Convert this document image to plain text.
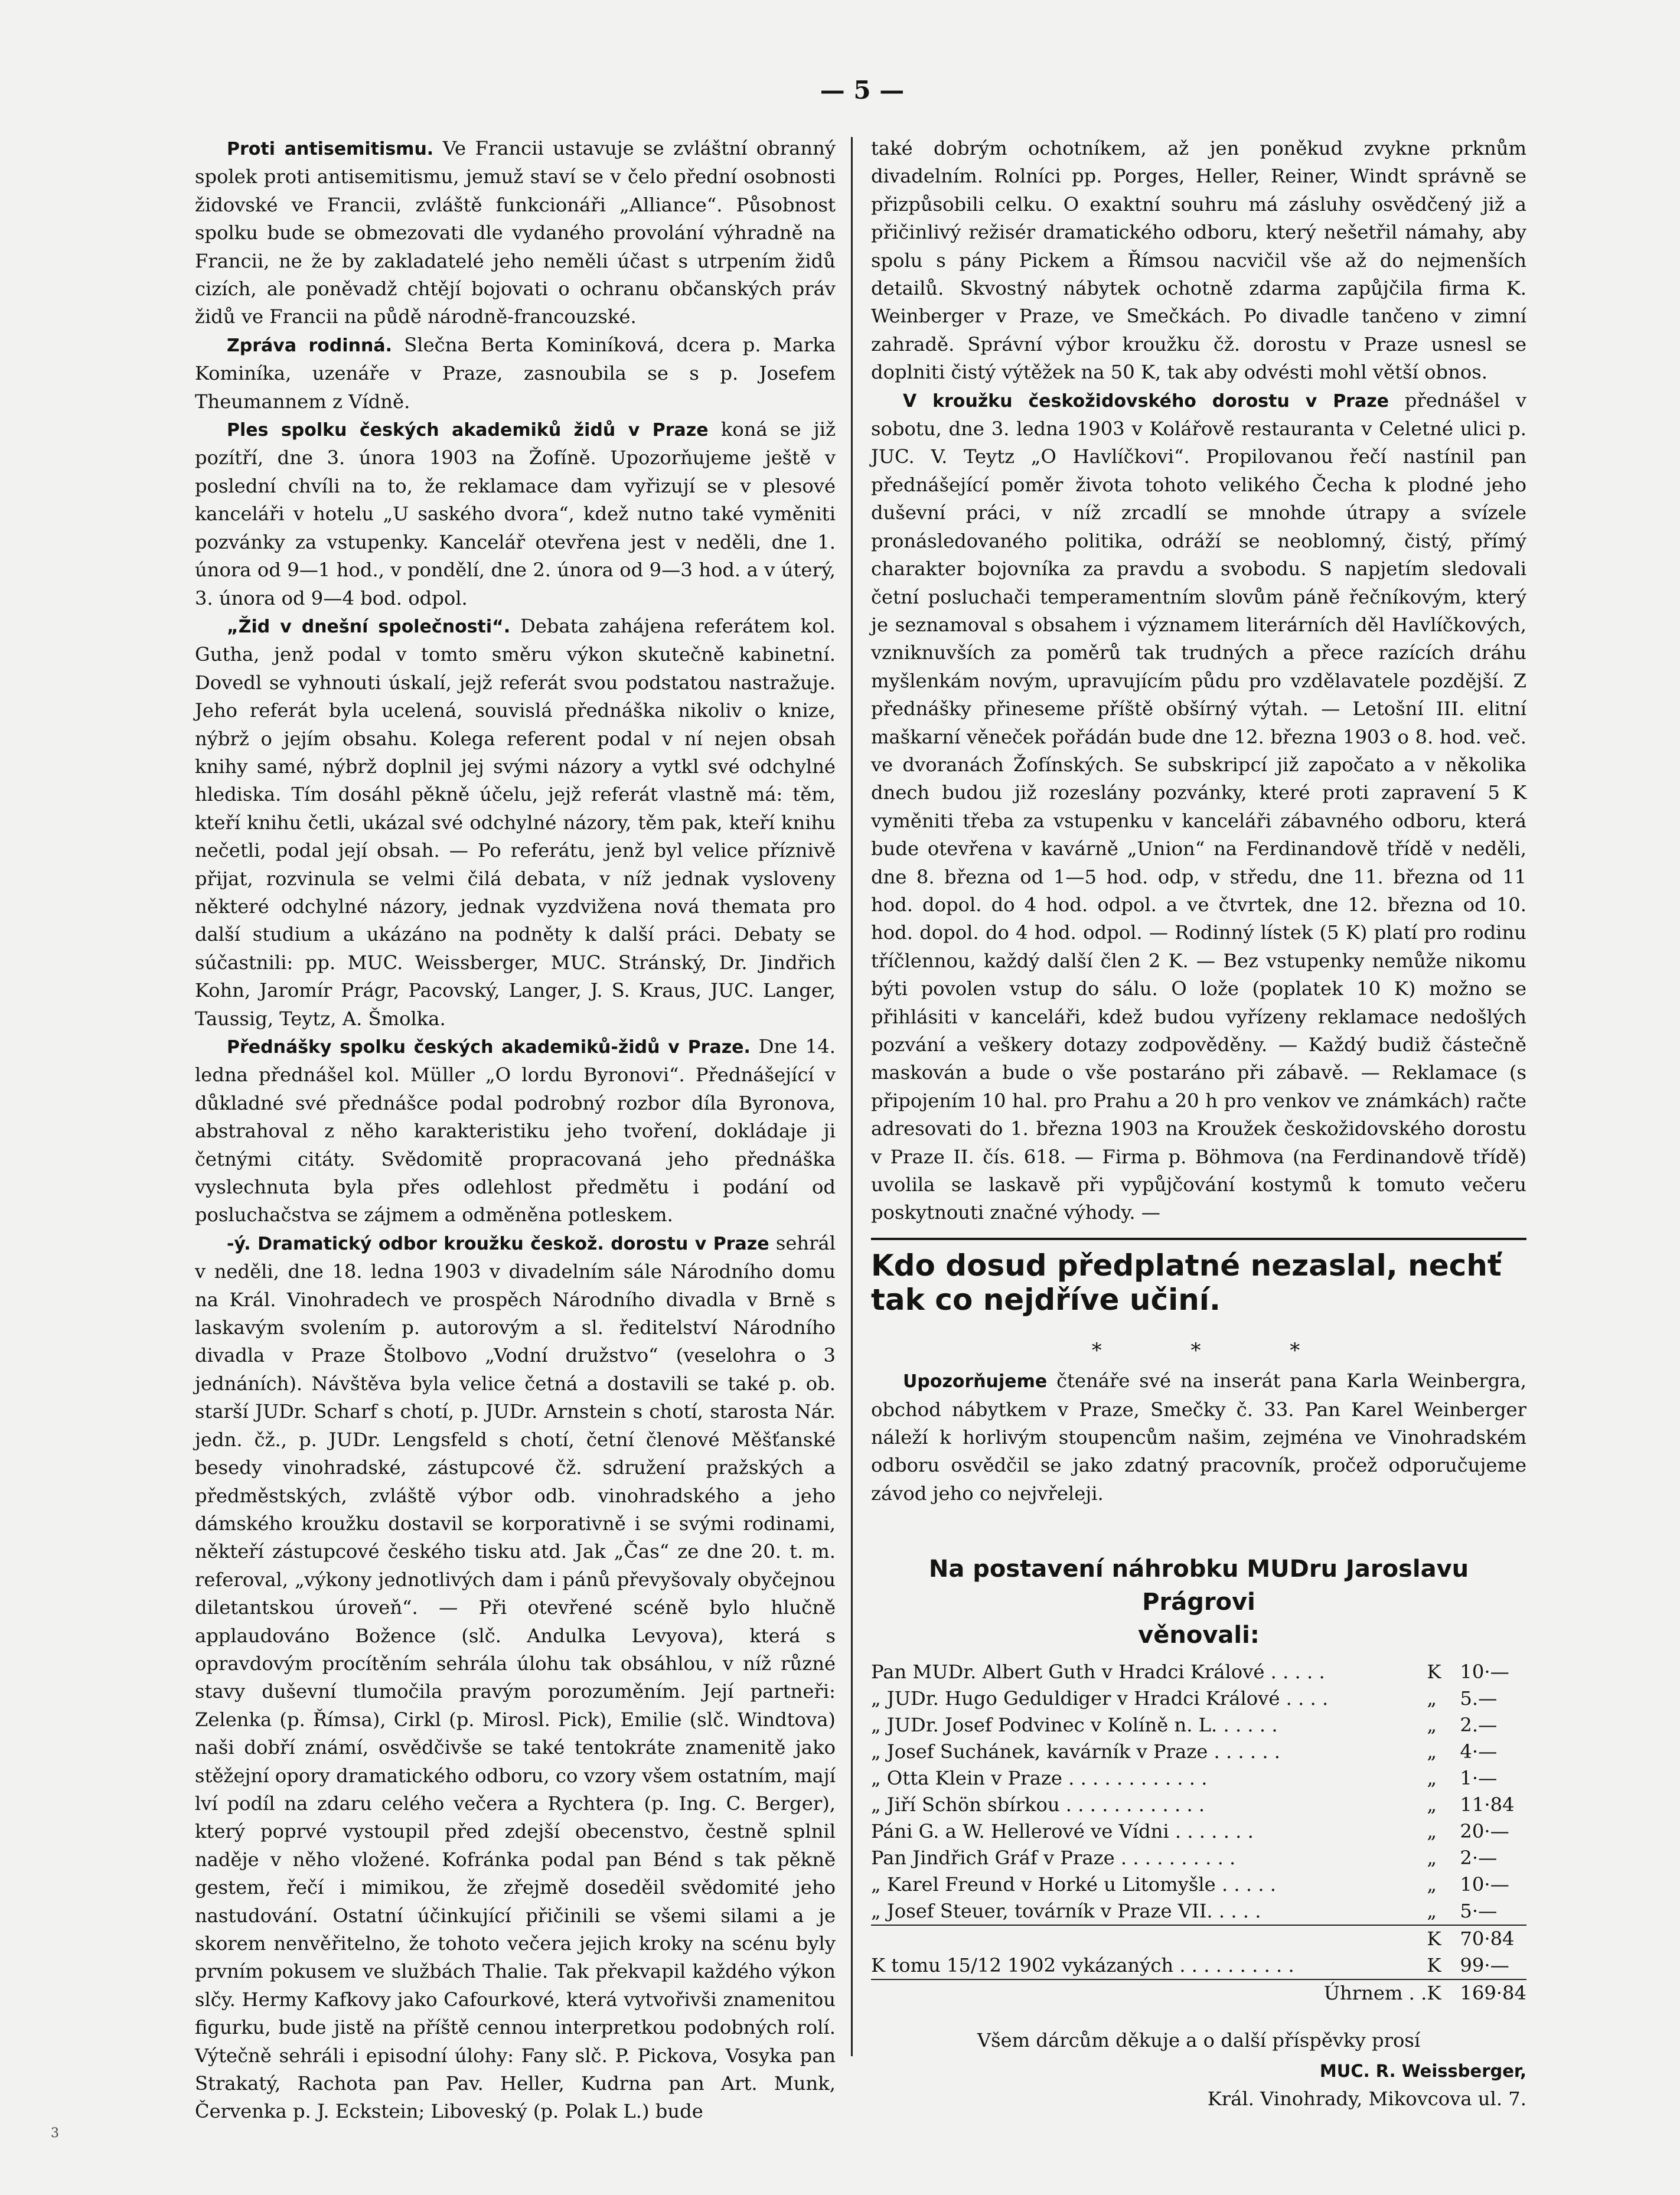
— 5 —

Proti antisemitismu. Ve Francii ustavuje se zvláštní obranný spolek proti antisemitismu, jemuž staví se v čelo přední osobnosti židovské ve Francii, zvláště funkcionáři „Alliance“. Působnost spolku bude se obmezovati dle vydaného provolání výhradně na Francii, ne že by zakladatelé jeho neměli účast s utrpením židů cizích, ale poněvadž chtějí bojovati o ochranu občanských práv židů ve Francii na půdě národně-francouzské.

Zpráva rodinná. Slečna Berta Kominíková, dcera p. Marka Kominíka, uzenáře v Praze, zasnoubila se s p. Josefem Theumannem z Vídně.

Ples spolku českých akademiků židů v Praze koná se již pozítří, dne 3. února 1903 na Žofíně. Upozorňujeme ještě v poslední chvíli na to, že reklamace dam vyřizují se v plesové kanceláři v hotelu „U saského dvora“, kdež nutno také vyměniti pozvánky za vstupenky. Kancelář otevřena jest v neděli, dne 1. února od 9—1 hod., v pondělí, dne 2. února od 9—3 hod. a v úterý, 3. února od 9—4 bod. odpol.

„Žid v dnešní společnosti“. Debata zahájena referátem kol. Gutha, jenž podal v tomto směru výkon skutečně kabinetní. Dovedl se vyhnouti úskalí, jejž referát svou podstatou nastražuje. Jeho referát byla ucelená, souvislá přednáška nikoliv o knize, nýbrž o jejím obsahu. Kolega referent podal v ní nejen obsah knihy samé, nýbrž doplnil jej svými názory a vytkl své odchylné hlediska. Tím dosáhl pěkně účelu, jejž referát vlastně má: těm, kteří knihu četli, ukázal své odchylné názory, těm pak, kteří knihu nečetli, podal její obsah. — Po referátu, jenž byl velice příznivě přijat, rozvinula se velmi čilá debata, v níž jednak vysloveny některé odchylné názory, jednak vyzdvižena nová themata pro další studium a ukázáno na podněty k další práci. Debaty se súčastnili: pp. MUC. Weissberger, MUC. Stránský, Dr. Jindřich Kohn, Jaromír Prágr, Pacovský, Langer, J. S. Kraus, JUC. Langer, Taussig, Teytz, A. Šmolka.

Přednášky spolku českých akademiků-židů v Praze. Dne 14. ledna přednášel kol. Müller „O lordu Byronovi“. Přednášející v důkladné své přednášce podal podrobný rozbor díla Byronova, abstrahoval z něho karakteristiku jeho tvoření, dokládaje ji četnými citáty. Svědomitě propracovaná jeho přednáška vyslechnuta byla přes odlehlost předmětu i podání od posluchačstva se zájmem a odměněna potleskem.

-ý. Dramatický odbor kroužku českož. dorostu v Praze sehrál v neděli, dne 18. ledna 1903 v divadelním sále Národního domu na Král. Vinohradech ve prospěch Národního divadla v Brně s laskavým svolením p. autorovým a sl. ředitelství Národního divadla v Praze Štolbovo „Vodní družstvo“ (veselohra o 3 jednáních). Návštěva byla velice četná a dostavili se také p. ob. starší JUDr. Scharf s chotí, p. JUDr. Arnstein s chotí, starosta Nár. jedn. čž., p. JUDr. Lengsfeld s chotí, četní členové Měšťanské besedy vinohradské, zástupcové čž. sdružení pražských a předměstských, zvláště výbor odb. vinohradského a jeho dámského kroužku dostavil se korporativně i se svými rodinami, někteří zástupcové českého tisku atd. Jak „Čas“ ze dne 20. t. m. referoval, „výkony jednotlivých dam i pánů převyšovaly obyčejnou diletantskou úroveň“. — Při otevřené scéně bylo hlučně applaudováno Božence (slč. Andulka Levyova), která s opravdovým procítěním sehrála úlohu tak obsáhlou, v níž různé stavy duševní tlumočila pravým porozuměním. Její partneři: Zelenka (p. Římsa), Cirkl (p. Mirosl. Pick), Emilie (slč. Windtova) naši dobří známí, osvědčivše se také tentokráte znamenitě jako stěžejní opory dramatického odboru, co vzory všem ostatním, mají lví podíl na zdaru celého večera a Rychtera (p. Ing. C. Berger), který poprvé vystoupil před zdejší obecenstvo, čestně splnil naděje v něho vložené. Kofránka podal pan Bénd s tak pěkně gestem, řečí i mimikou, že zřejmě doseděil svědomité jeho nastudování. Ostatní účinkující přičinili se všemi silami a je skorem nenvěřitelno, že tohoto večera jejich kroky na scénu byly prvním pokusem ve službách Thalie. Tak překvapil každého výkon slčy. Hermy Kafkovy jako Cafourkové, která vytvořivši znamenitou figurku, bude jistě na příště cennou interpretkou podobných rolí. Výtečně sehráli i episodní úlohy: Fany slč. P. Pickova, Vosyka pan Strakatý, Rachota pan Pav. Heller, Kudrna pan Art. Munk, Červenka p. J. Eckstein; Liboveský (p. Polak L.) bude

také dobrým ochotníkem, až jen poněkud zvykne prknům divadelním. Rolníci pp. Porges, Heller, Reiner, Windt správně se přizpůsobili celku. O exaktní souhru má zásluhy osvědčený již a přičinlivý režisér dramatického odboru, který nešetřil námahy, aby spolu s pány Pickem a Římsou nacvičil vše až do nejmenších detailů. Skvostný nábytek ochotně zdarma zapůjčila firma K. Weinberger v Praze, ve Smečkách. Po divadle tančeno v zimní zahradě. Správní výbor kroužku čž. dorostu v Praze usnesl se doplniti čistý výtěžek na 50 K, tak aby odvésti mohl větší obnos.

V kroužku českožidovského dorostu v Praze přednášel v sobotu, dne 3. ledna 1903 v Kolářově restauranta v Celetné ulici p. JUC. V. Teytz „O Havlíčkovi“. Propilovanou řečí nastínil pan přednášející poměr života tohoto velikého Čecha k plodné jeho duševní práci, v níž zrcadlí se mnohde útrapy a svízele pronásledovaného politika, odráží se neoblomný, čistý, přímý charakter bojovníka za pravdu a svobodu. S napjetím sledovali četní posluchači temperamentním slovům páně řečníkovým, který je seznamoval s obsahem i významem literárních děl Havlíčkových, vzniknuvších za poměrů tak trudných a přece razících dráhu myšlenkám novým, upravujícím půdu pro vzdělavatele pozdější. Z přednášky přineseme příště obšírný výtah. — Letošní III. elitní maškarní věneček pořádán bude dne 12. března 1903 o 8. hod. več. ve dvoranách Žofínských. Se subskripcí již započato a v několika dnech budou již rozeslány pozvánky, které proti zapravení 5 K vyměniti třeba za vstupenku v kanceláři zábavného odboru, která bude otevřena v kavárně „Union“ na Ferdinandově třídě v neděli, dne 8. března od 1—5 hod. odp, v středu, dne 11. března od 11 hod. dopol. do 4 hod. odpol. a ve čtvrtek, dne 12. března od 10. hod. dopol. do 4 hod. odpol. — Rodinný lístek (5 K) platí pro rodinu tříčlennou, každý další člen 2 K. — Bez vstupenky nemůže nikomu býti povolen vstup do sálu. O lože (poplatek 10 K) možno se přihlásiti v kanceláři, kdež budou vyřízeny reklamace nedošlých pozvání a veškery dotazy zodpověděny. — Každý budiž částečně maskován a bude o vše postaráno při zábavě. — Reklamace (s připojením 10 hal. pro Prahu a 20 h pro venkov ve známkách) račte adresovati do 1. března 1903 na Kroužek českožidovského dorostu v Praze II. čís. 618. — Firma p. Böhmova (na Ferdinandově třídě) uvolila se laskavě při vypůjčování kostymů k tomuto večeru poskytnouti značné výhody. —

Kdo dosud předplatné nezaslal, nechť tak co nejdříve učiní.
* * *

Upozorňujeme čtenáře své na inserát pana Karla Weinbergra, obchod nábytkem v Praze, Smečky č. 33. Pan Karel Weinberger náleží k horlivým stoupencům našim, zejména ve Vinohradském odboru osvědčil se jako zdatný pracovník, pročež odporučujeme závod jeho co nejvřeleji.

Na postavení náhrobku MUDru Jaroslavu Prágrovi
věnovali:
Pan MUDr. Albert Guth v Hradci Králové . . . . .	K	10·—
„ JUDr. Hugo Geduldiger v Hradci Králové . . . .	„	5.—
„ JUDr. Josef Podvinec v Kolíně n. L. . . . . .	„	2.—
„ Josef Suchánek, kavárník v Praze . . . . . .	„	4·—
„ Otta Klein v Praze . . . . . . . . . . . .	„	1·—
„ Jiří Schön sbírkou . . . . . . . . . . . .	„	11·84
Páni G. a W. Hellerové ve Vídni . . . . . . .	„	20·—
Pan Jindřich Gráf v Praze . . . . . . . . . .	„	2·—
„ Karel Freund v Horké u Litomyšle . . . . .	„	10·—
„ Josef Steuer, továrník v Praze VII. . . . .	„	5·—
	K	70·84
K tomu 15/12 1902 vykázaných . . . . . . . . . .	K	99·—
Úhrnem . .	K	169·84
Všem dárcům děkuje a o další příspěvky prosí
MUC. R. Weissberger,
Král. Vinohrady, Mikovcova ul. 7.
3
